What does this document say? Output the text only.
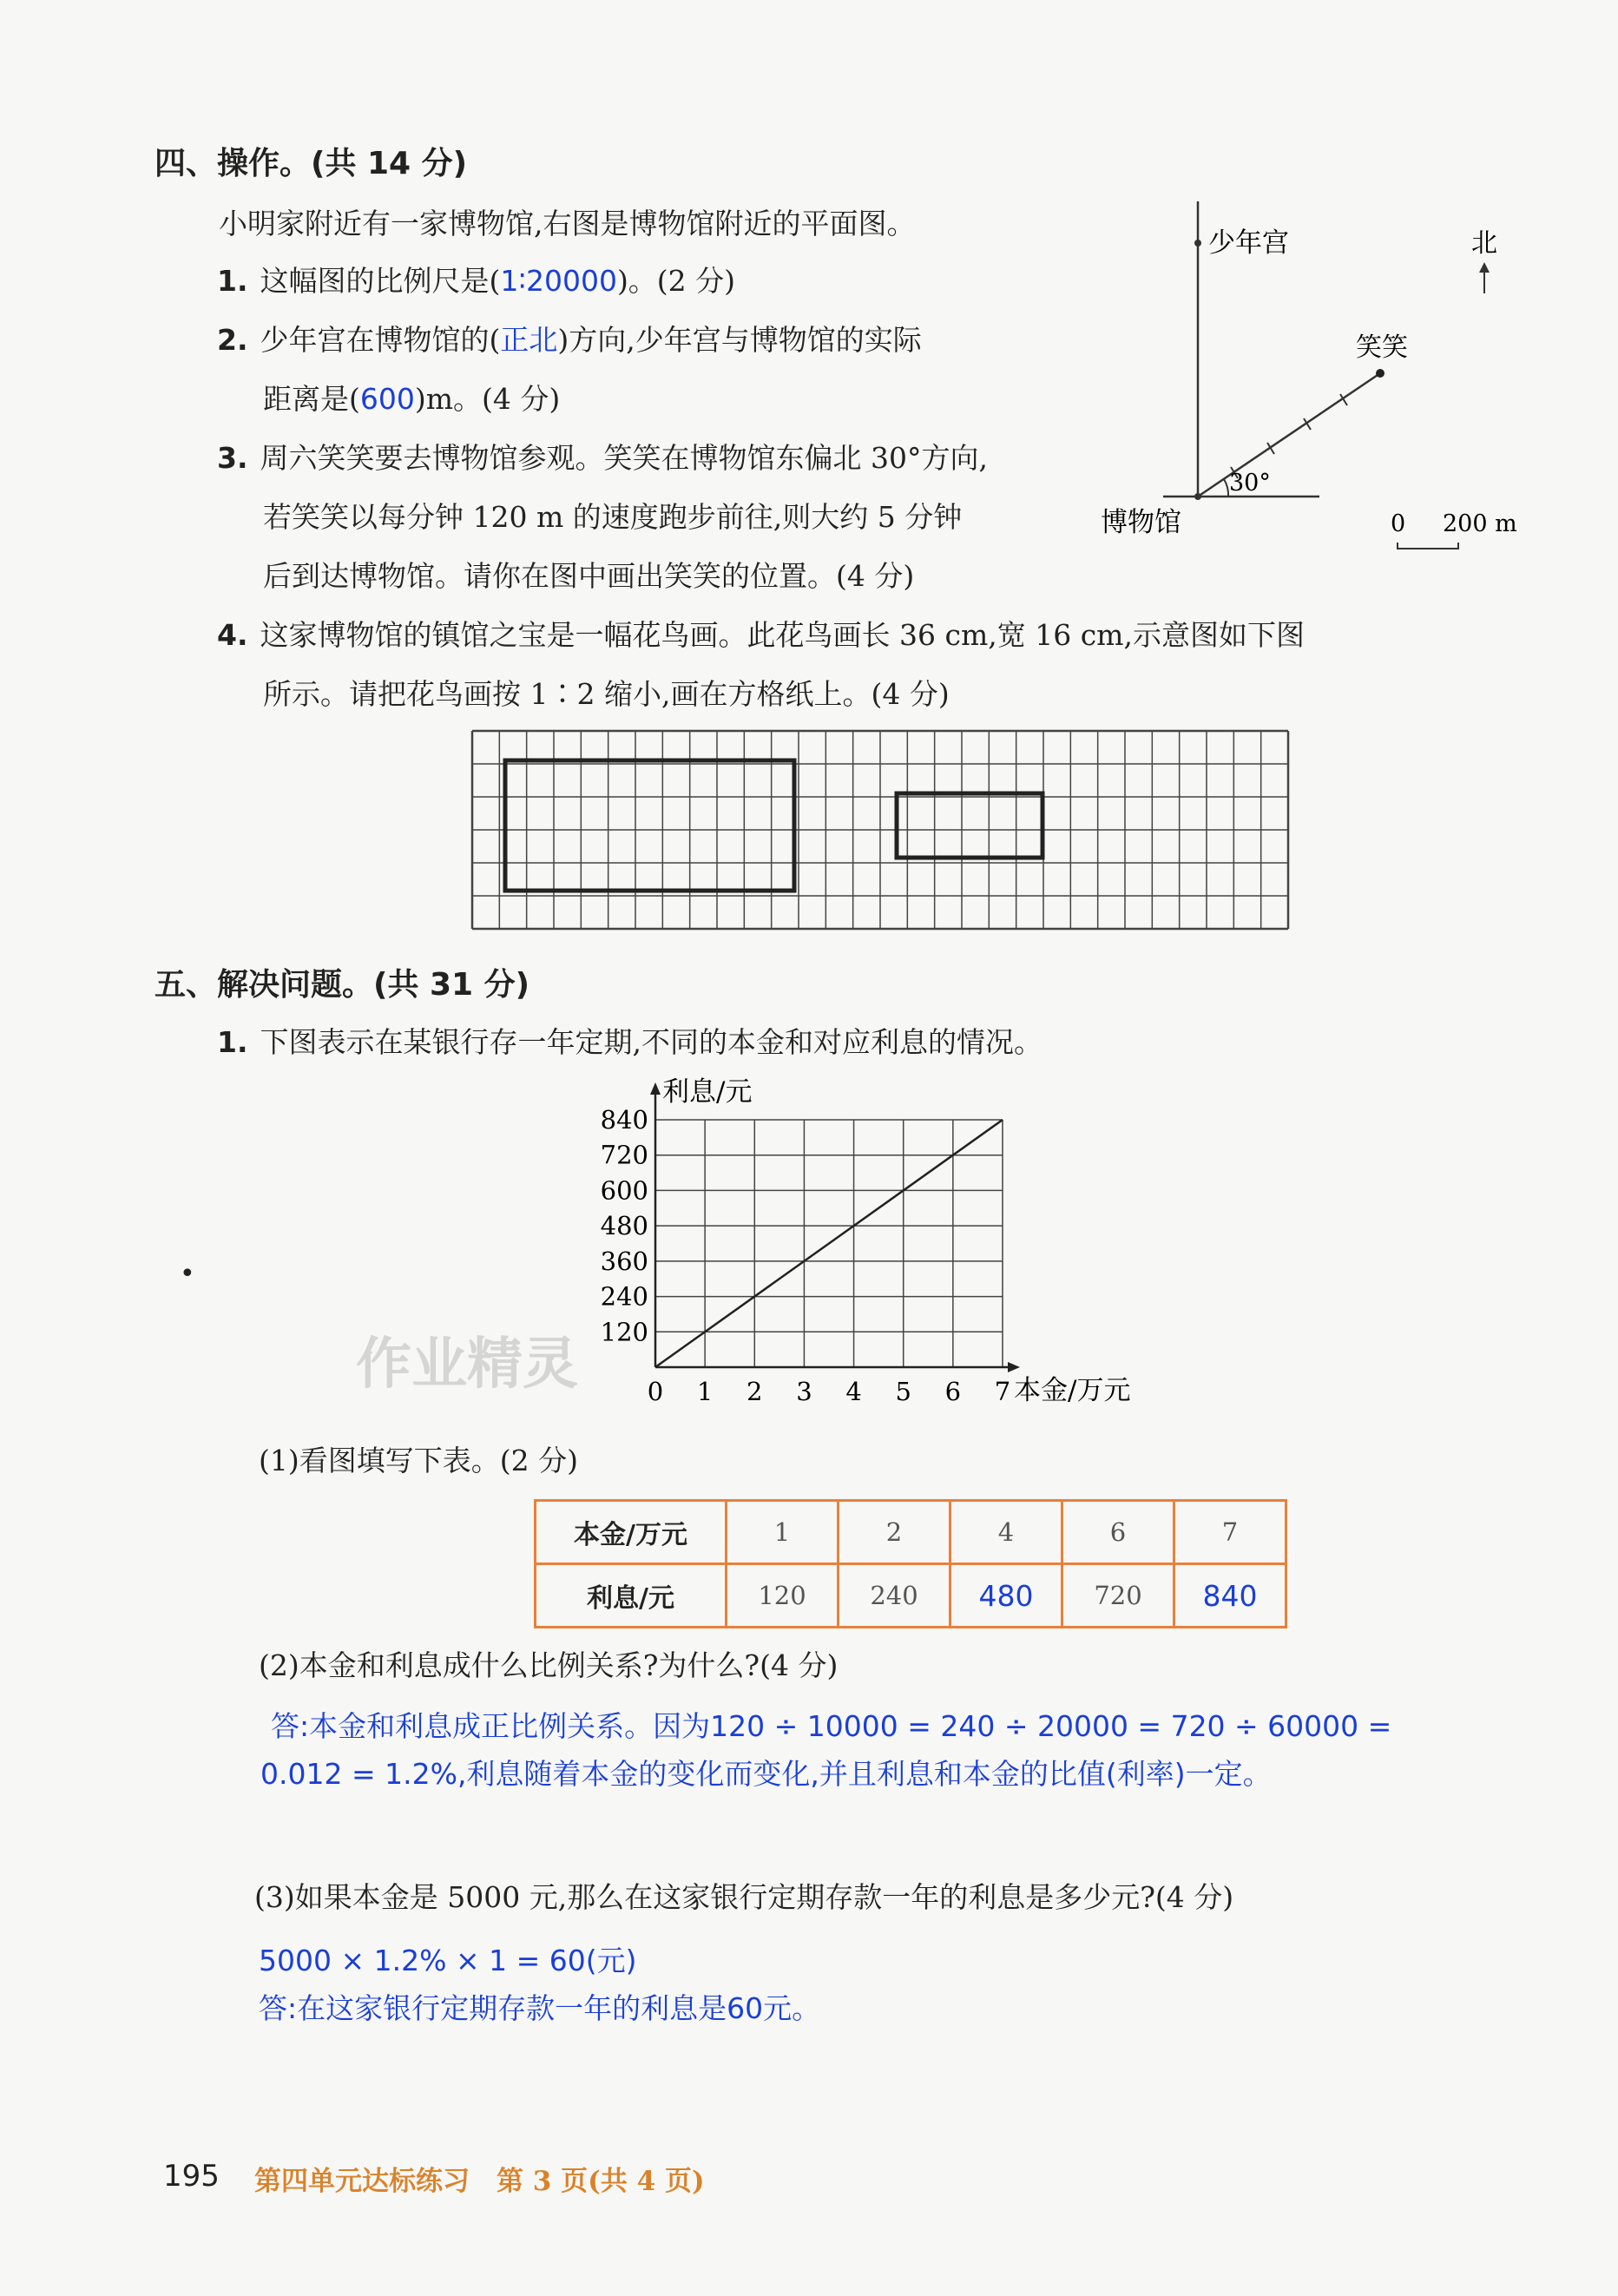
四、操作。(共 14 分)
小明家附近有一家博物馆,右图是博物馆附近的平面图。
1. 这幅图的比例尺是(1∶20000)。(2 分)
2. 少年宫在博物馆的(正北)方向,少年宫与博物馆的实际
距离是(600)m。(4 分)
3. 周六笑笑要去博物馆参观。笑笑在博物馆东偏北 30°方向,
若笑笑以每分钟 120 m 的速度跑步前往,则大约 5 分钟
后到达博物馆。请你在图中画出笑笑的位置。(4 分)
4. 这家博物馆的镇馆之宝是一幅花鸟画。此花鸟画长 36 cm,宽 16 cm,示意图如下图
所示。请把花鸟画按 1∶2 缩小,画在方格纸上。(4 分)
少年宫	北
笑笑
30°
博物馆	0 200 m
五、解决问题。(共 31 分)
1. 下图表示在某银行存一年定期,不同的本金和对应利息的情况。
120
240
360
480
600
720
840
0 1 2 3 4 5 6 7
利息/元
本金/万元
•
作业精灵
(1)看图填写下表。(2 分)
本金/万元	1	2	4	6	7
利息/元	120	240	480	720	840
(2)本金和利息成什么比例关系?为什么?(4 分)
答:本金和利息成正比例关系。因为120 ÷ 10000 = 240 ÷ 20000 = 720 ÷ 60000 =
0.012 = 1.2%,利息随着本金的变化而变化,并且利息和本金的比值(利率)一定。
(3)如果本金是 5000 元,那么在这家银行定期存款一年的利息是多少元?(4 分)
5000 × 1.2% × 1 = 60(元)
答:在这家银行定期存款一年的利息是60元。
195 第四单元达标练习　第 3 页(共 4 页)
